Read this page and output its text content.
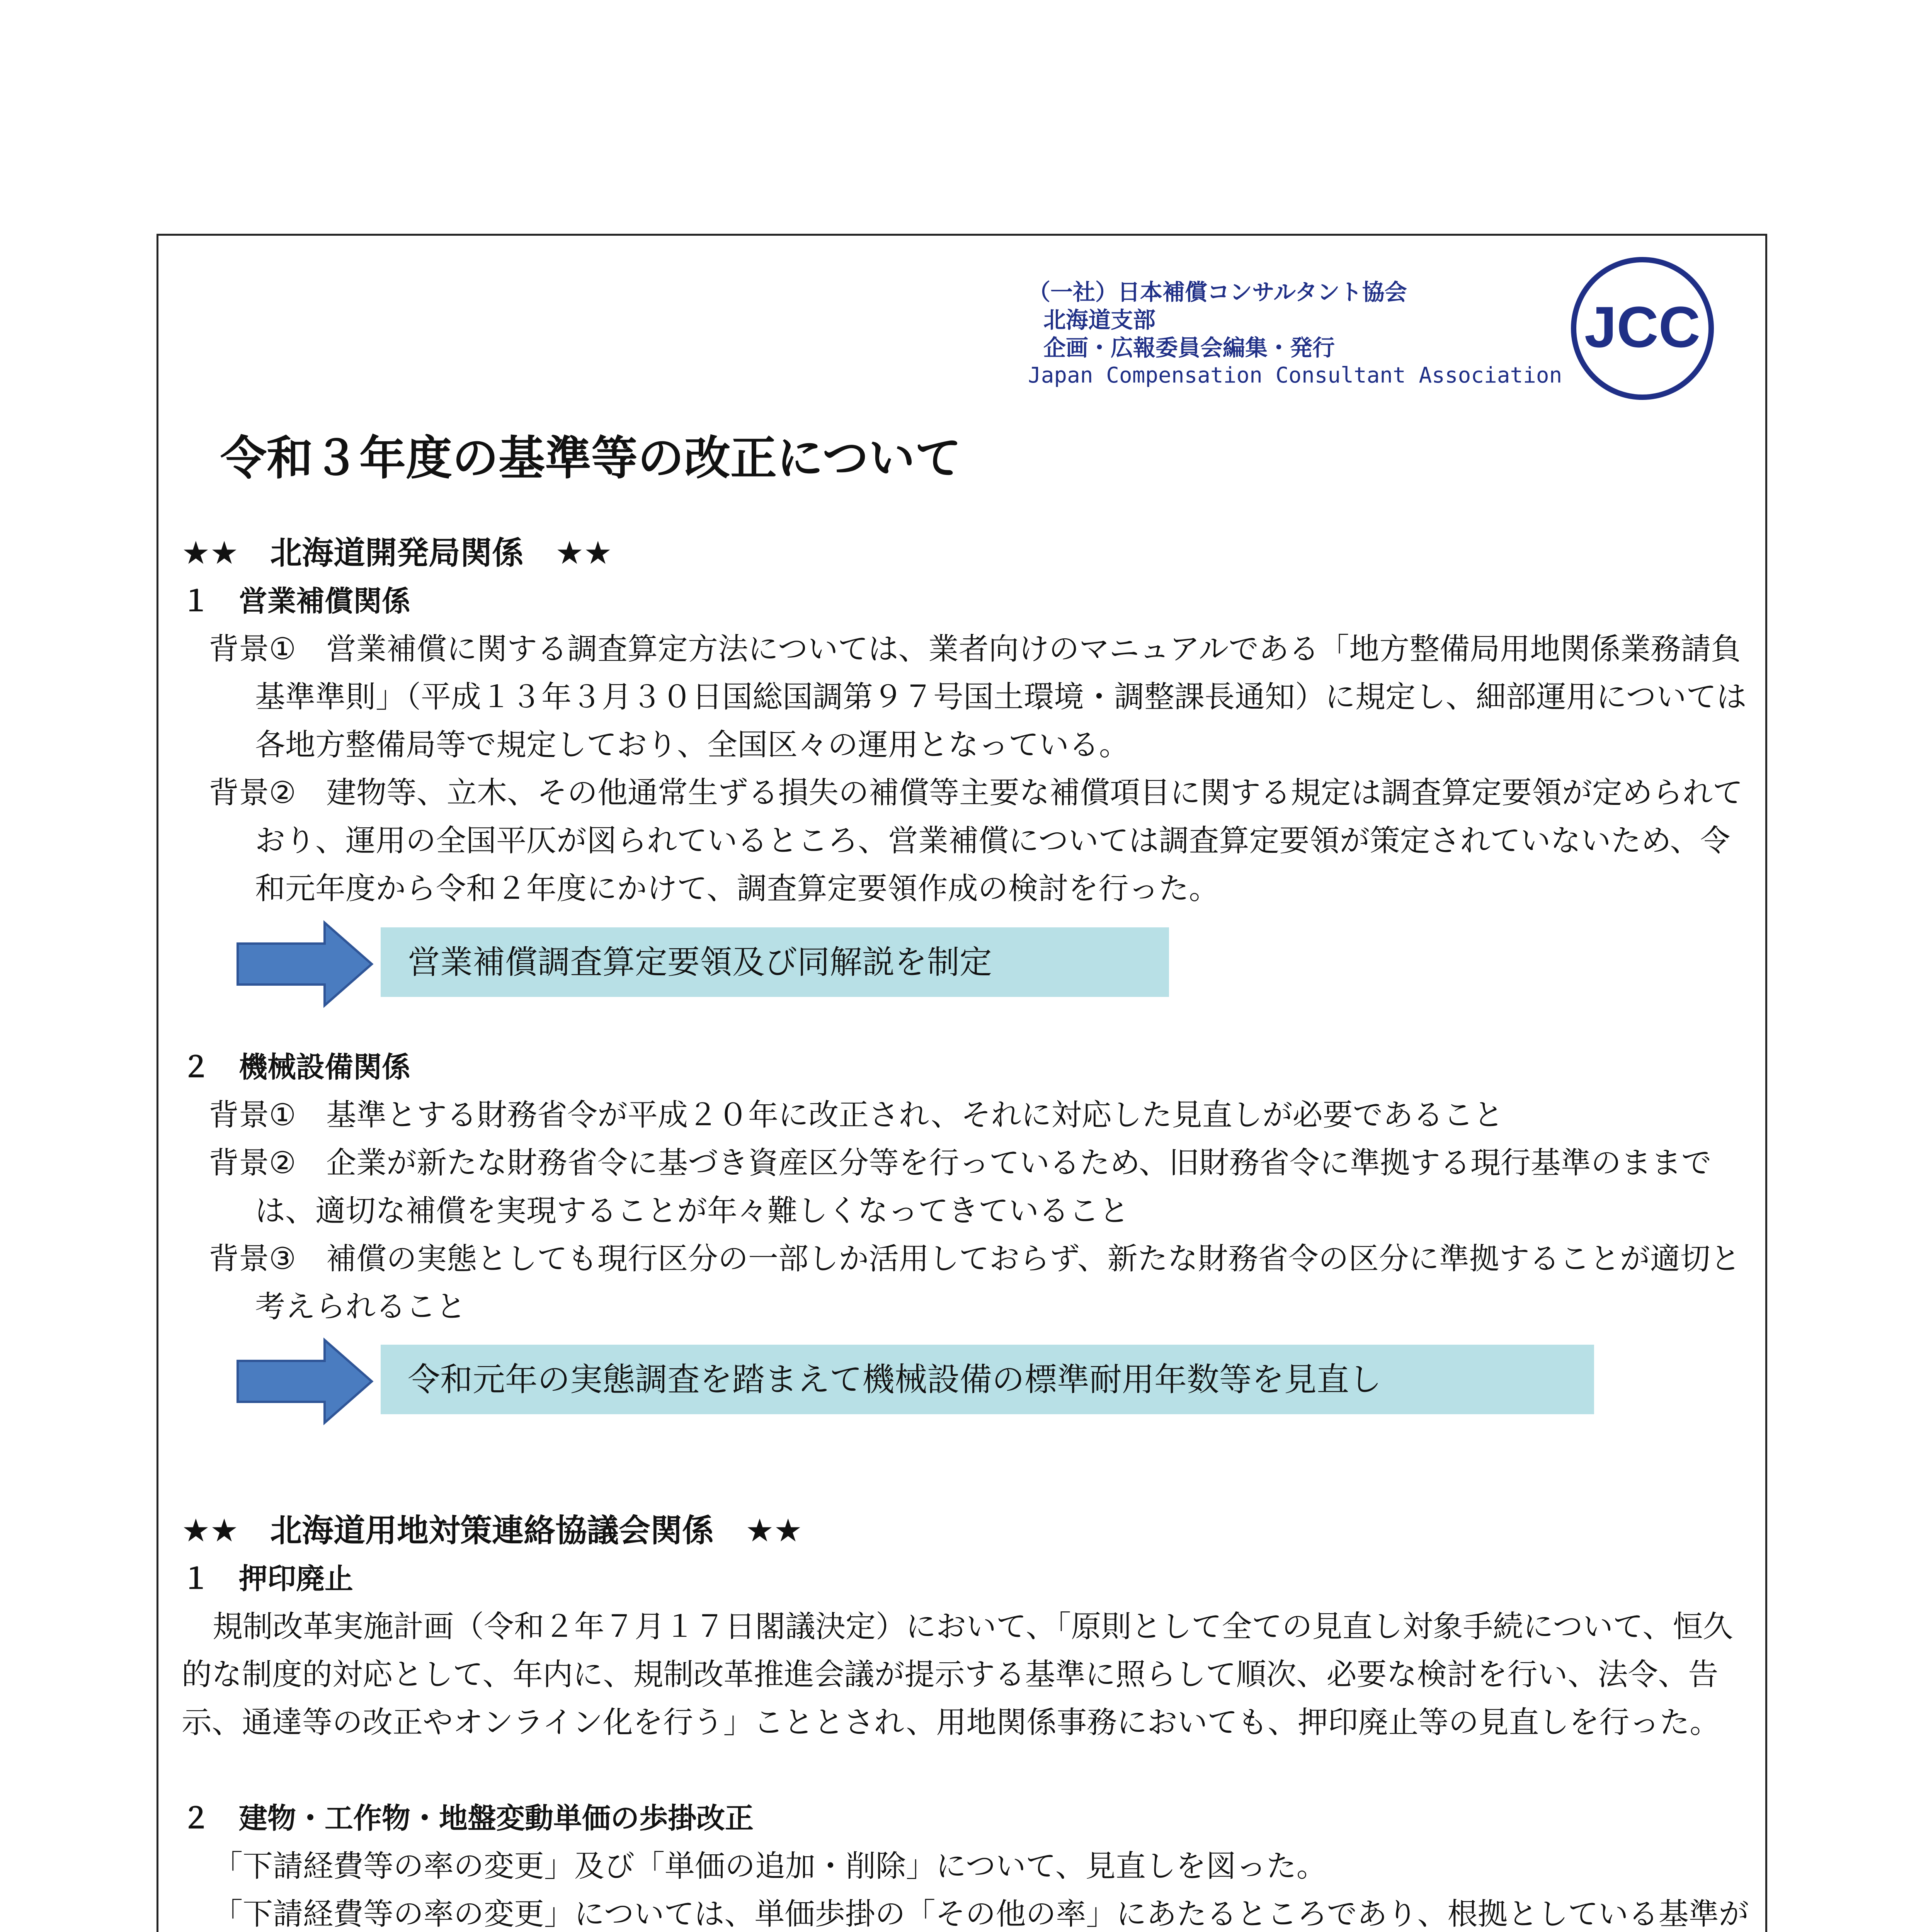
（一社）日本補償コンサルタント協会
北海道支部
企画・広報委員会編集・発行
Japan Compensation Consultant Association
JCC
令和３年度の基準等の改正について
★★　北海道開発局関係　★★
１　営業補償関係

背景①　 営業補償に関する調査算定方法については、業者向けのマニュアルである「地方整備局用地関係業務請負基準準則」（平成１３年３月３０日国総国調第９７号国土環境・調整課長通知）に規定し、細部運用については各地方整備局等で規定しており、全国区々の運用となっている。

背景②　 建物等、立木、その他通常生ずる損失の補償等主要な補償項目に関する規定は調査算定要領が定められており、運用の全国平仄が図られているところ、営業補償については調査算定要領が策定されていないため、令和元年度から令和２年度にかけて、調査算定要領作成の検討を行った。

営業補償調査算定要領及び同解説を制定
２　機械設備関係

背景①　 基準とする財務省令が平成２０年に改正され、それに対応した見直しが必要であること

背景②　 企業が新たな財務省令に基づき資産区分等を行っているため、旧財務省令に準拠する現行基準のままでは、適切な補償を実現することが年々難しくなってきていること

背景③　 補償の実態としても現行区分の一部しか活用しておらず、新たな財務省令の区分に準拠することが適切と考えられること

令和元年の実態調査を踏まえて機械設備の標準耐用年数等を見直し
★★　北海道用地対策連絡協議会関係　★★
１　押印廃止

規制改革実施計画（令和２年７月１７日閣議決定）において、「原則として全ての見直し対象手続について、恒久的な制度的対応として、年内に、規制改革推進会議が提示する基準に照らして順次、必要な検討を行い、法令、告示、通達等の改正やオンライン化を行う」こととされ、用地関係事務においても、押印廃止等の見直しを行った。

２　建物・工作物・地盤変動単価の歩掛改正

「下請経費等の率の変更」及び「単価の追加・削除」について、見直しを図った。

「下請経費等の率の変更」については、単価歩掛の「その他の率」にあたるところであり、根拠としている基準が
